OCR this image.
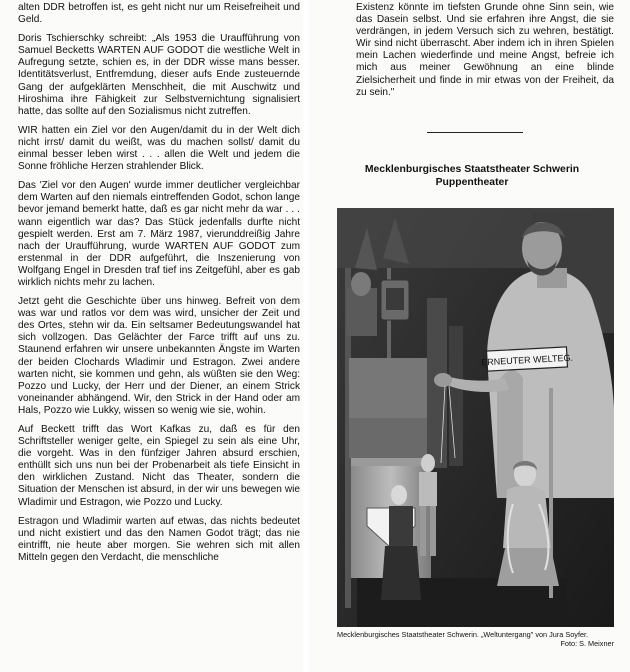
alten DDR betroffen ist, es geht nicht nur um Reisefreiheit und Geld.

Doris Tschierschky schreibt: „Als 1953 die Uraufführung von Samuel Becketts WARTEN AUF GODOT die westliche Welt in Aufregung setzte, schien es, in der DDR wisse mans besser. Identitätsverlust, Entfremdung, dieser aufs Ende zusteuernde Gang der aufgeklärten Menschheit, die mit Auschwitz und Hiroshima ihre Fähigkeit zur Selbstvernichtung signalisiert hatte, das sollte auf den Sozialismus nicht zutreffen.

WIR hatten ein Ziel vor den Augen/damit du in der Welt dich nicht irrst/ damit du weißt, was du machen sollst/ damit du einmal besser leben wirst . . . allen die Welt und jedem die Sonne fröhliche Herzen strahlender Blick.

Das 'Ziel vor den Augen' wurde immer deutlicher vergleichbar dem Warten auf den niemals eintreffenden Godot, schon lange bevor jemand bemerkt hatte, daß es gar nicht mehr da war . . . wann eigentlich war das? Das Stück jedenfalls durfte nicht gespielt werden. Erst am 7. März 1987, vierunddreißig Jahre nach der Uraufführung, wurde WARTEN AUF GODOT zum erstenmal in der DDR aufgeführt, die Inszenierung von Wolfgang Engel in Dresden traf tief ins Zeitgefühl, aber es gab wirklich nichts mehr zu lachen.

Jetzt geht die Geschichte über uns hinweg. Befreit von dem was war und ratlos vor dem was wird, unsicher der Zeit und des Ortes, stehn wir da. Ein seltsamer Bedeutungswandel hat sich vollzogen. Das Gelächter der Farce trifft auf uns zu. Staunend erfahren wir unsere unbekannten Ängste im Warten der beiden Clochards Wladimir und Estragon. Zwei andere warten nicht, sie kommen und gehn, als wüßten sie den Weg: Pozzo und Lucky, der Herr und der Diener, an einem Strick voneinander abhängend. Wir, den Strick in der Hand oder am Hals, Pozzo wie Lukky, wissen so wenig wie sie, wohin.

Auf Beckett trifft das Wort Kafkas zu, daß es für den Schriftsteller weniger gelte, ein Spiegel zu sein als eine Uhr, die vorgeht. Was in den fünfziger Jahren absurd erschien, enthüllt sich uns nun bei der Probenarbeit als tiefe Einsicht in den wirklichen Zustand. Nicht das Theater, sondern die Situation der Menschen ist absurd, in der wir uns bewegen wie Wladimir und Estragon, wie Pozzo und Lucky.

Estragon und Wladimir warten auf etwas, das nichts bedeutet und nicht existiert und das den Namen Godot trägt; das nie eintrifft, nie heute aber morgen. Sie wehren sich mit allen Mitteln gegen den Verdacht, die menschliche

Existenz könnte im tiefsten Grunde ohne Sinn sein, wie das Dasein selbst. Und sie erfahren ihre Angst, die sie verdrängen, in jedem Versuch sich zu wehren, bestätigt. Wir sind nicht überrascht. Aber indem ich in ihren Spielen mein Lachen wiederfinde und meine Angst, befreie ich mich aus meiner Gewöhnung an eine blinde Zielsicherheit und finde in mir etwas von der Freiheit, da zu sein."

Mecklenburgisches Staatstheater Schwerin
Puppentheater
ERNEUTER WELTEG.
Mecklenburgisches Staatstheater Schwerin. „Weltuntergang" von Jura Soyfer.
Foto: S. Meixner
